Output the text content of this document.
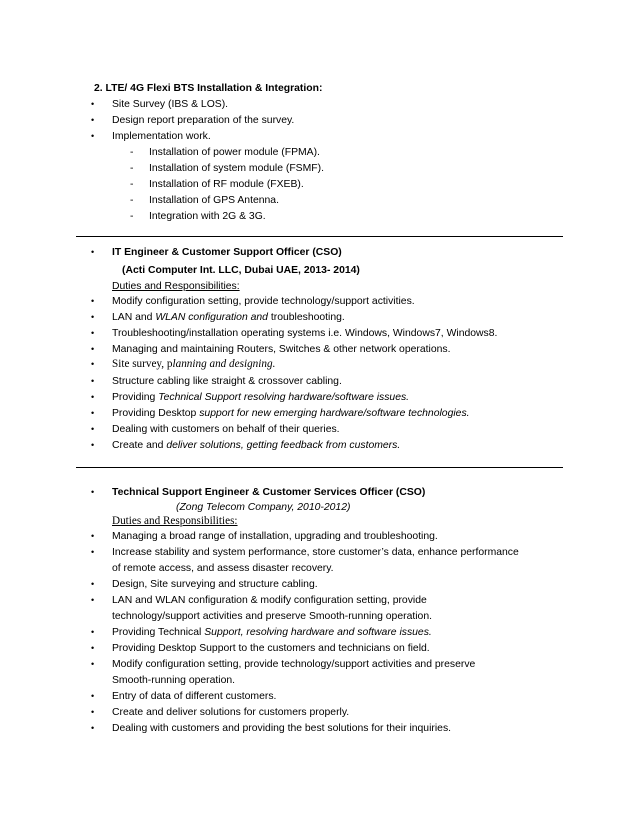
2. LTE/ 4G Flexi BTS Installation & Integration:
• Site Survey (IBS & LOS).
• Design report preparation of the survey.
• Implementation work.
- Installation of power module (FPMA).
- Installation of system module (FSMF).
- Installation of RF module (FXEB).
- Installation of GPS Antenna.
- Integration with 2G & 3G.
• IT Engineer & Customer Support Officer (CSO)
(Acti Computer Int. LLC, Dubai UAE, 2013- 2014)
Duties and Responsibilities:
• Modify configuration setting, provide technology/support activities.
• LAN and WLAN configuration and troubleshooting.
• Troubleshooting/installation operating systems i.e. Windows, Windows7, Windows8.
• Managing and maintaining Routers, Switches & other network operations.
• Site survey, planning and designing.
• Structure cabling like straight & crossover cabling.
• Providing Technical Support resolving hardware/software issues.
• Providing Desktop support for new emerging hardware/software technologies.
• Dealing with customers on behalf of their queries.
• Create and deliver solutions, getting feedback from customers.
• Technical Support Engineer & Customer Services Officer (CSO)
(Zong Telecom Company, 2010-2012)
Duties and Responsibilities:
• Managing a broad range of installation, upgrading and troubleshooting.
• Increase stability and system performance, store customer’s data, enhance performance
of remote access, and assess disaster recovery.
• Design, Site surveying and structure cabling.
• LAN and WLAN configuration & modify configuration setting, provide
technology/support activities and preserve Smooth-running operation.
• Providing Technical Support, resolving hardware and software issues.
• Providing Desktop Support to the customers and technicians on field.
• Modify configuration setting, provide technology/support activities and preserve
Smooth-running operation.
• Entry of data of different customers.
• Create and deliver solutions for customers properly.
• Dealing with customers and providing the best solutions for their inquiries.
